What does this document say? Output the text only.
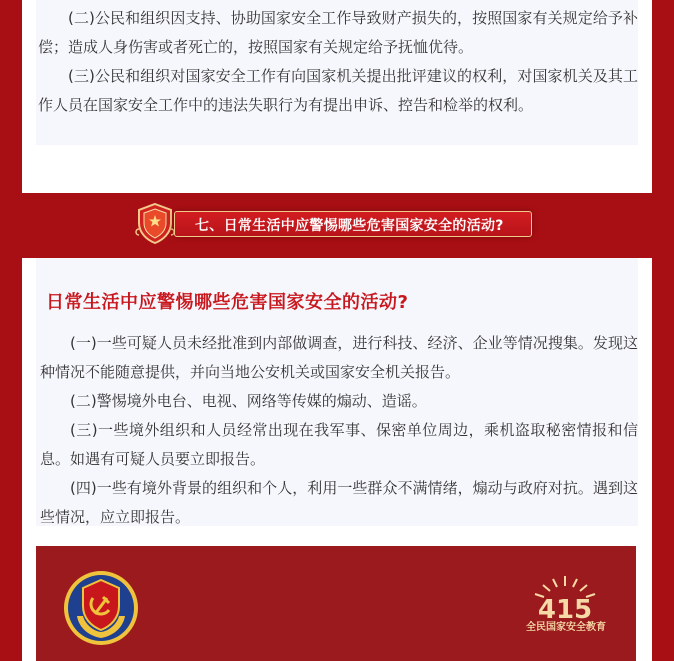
(二)公民和组织因支持、协助国家安全工作导致财产损失的，按照国家有关规定给予补偿；造成人身伤害或者死亡的，按照国家有关规定给予抚恤优待。

(三)公民和组织对国家安全工作有向国家机关提出批评建议的权利，对国家机关及其工作人员在国家安全工作中的违法失职行为有提出申诉、控告和检举的权利。

七、日常生活中应警惕哪些危害国家安全的活动?
日常生活中应警惕哪些危害国家安全的活动?

(一)一些可疑人员未经批准到内部做调查，进行科技、经济、企业等情况搜集。发现这种情况不能随意提供，并向当地公安机关或国家安全机关报告。

(二)警惕境外电台、电视、网络等传媒的煽动、造谣。

(三)一些境外组织和人员经常出现在我军事、保密单位周边，乘机盗取秘密情报和信息。如遇有可疑人员要立即报告。

(四)一些有境外背景的组织和个人，利用一些群众不满情绪，煽动与政府对抗。遇到这些情况，应立即报告。

415
全民国家安全教育
